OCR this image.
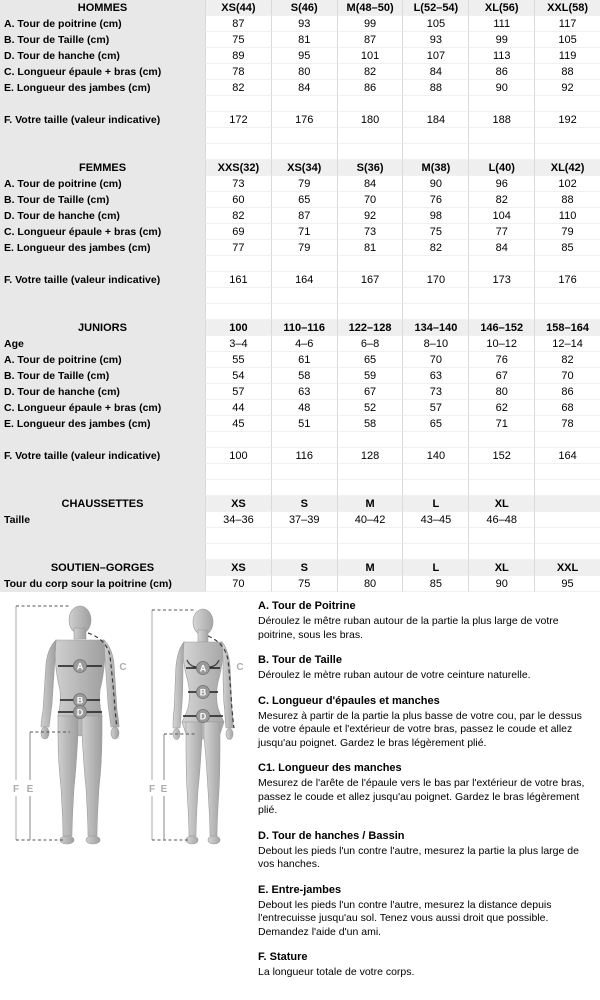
HOMMES	XS(44)	S(46)	M(48–50)	L(52–54)	XL(56)	XXL(58)
A. Tour de poitrine (cm)	87	93	99	105	111	117
B. Tour de Taille (cm)	75	81	87	93	99	105
D. Tour de hanche (cm)	89	95	101	107	113	119
C. Longueur épaule + bras (cm)	78	80	82	84	86	88
E. Longueur des jambes (cm)	82	84	86	88	90	92
F. Votre taille (valeur indicative)	172	176	180	184	188	192
FEMMES	XXS(32)	XS(34)	S(36)	M(38)	L(40)	XL(42)
A. Tour de poitrine (cm)	73	79	84	90	96	102
B. Tour de Taille (cm)	60	65	70	76	82	88
D. Tour de hanche (cm)	82	87	92	98	104	110
C. Longueur épaule + bras (cm)	69	71	73	75	77	79
E. Longueur des jambes (cm)	77	79	81	82	84	85
F. Votre taille (valeur indicative)	161	164	167	170	173	176
JUNIORS	100	110–116	122–128	134–140	146–152	158–164
Age	3–4	4–6	6–8	8–10	10–12	12–14
A. Tour de poitrine (cm)	55	61	65	70	76	82
B. Tour de Taille (cm)	54	58	59	63	67	70
D. Tour de hanche (cm)	57	63	67	73	80	86
C. Longueur épaule + bras (cm)	44	48	52	57	62	68
E. Longueur des jambes (cm)	45	51	58	65	71	78
F. Votre taille (valeur indicative)	100	116	128	140	152	164
CHAUSSETTES	XS	S	M	L	XL
Taille	34–36	37–39	40–42	43–45	46–48
SOUTIEN–GORGES	XS	S	M	L	XL	XXL
Tour du corp sour la poitrine (cm)	70	75	80	85	90	95
F E
C
A
B
D
F E
C
A
B
D
A. Tour de Poitrine
Déroulez le mêtre ruban autour de la partie la plus large de votre poitrine, sous les bras.
B. Tour de Taille
Déroulez le mètre ruban autour de votre ceinture naturelle.
C. Longueur d'épaules et manches
Mesurez à partir de la partie la plus basse de votre cou, par le dessus de votre épaule et l'extérieur de votre bras, passez le coude et allez jusqu'au poignet. Gardez le bras légèrement plié.
C1. Longueur des manches
Mesurez de l'arête de l'épaule vers le bas par l'extérieur de votre bras, passez le coude et allez jusqu'au poignet. Gardez le bras légèrement plié.
D. Tour de hanches / Bassin
Debout les pieds l'un contre l'autre, mesurez la partie la plus large de vos hanches.
E. Entre-jambes
Debout les pieds l'un contre l'autre, mesurez la distance depuis l'entrecuisse jusqu'au sol. Tenez vous aussi droit que possible. Demandez l'aide d'un ami.
F. Stature
La longueur totale de votre corps.
